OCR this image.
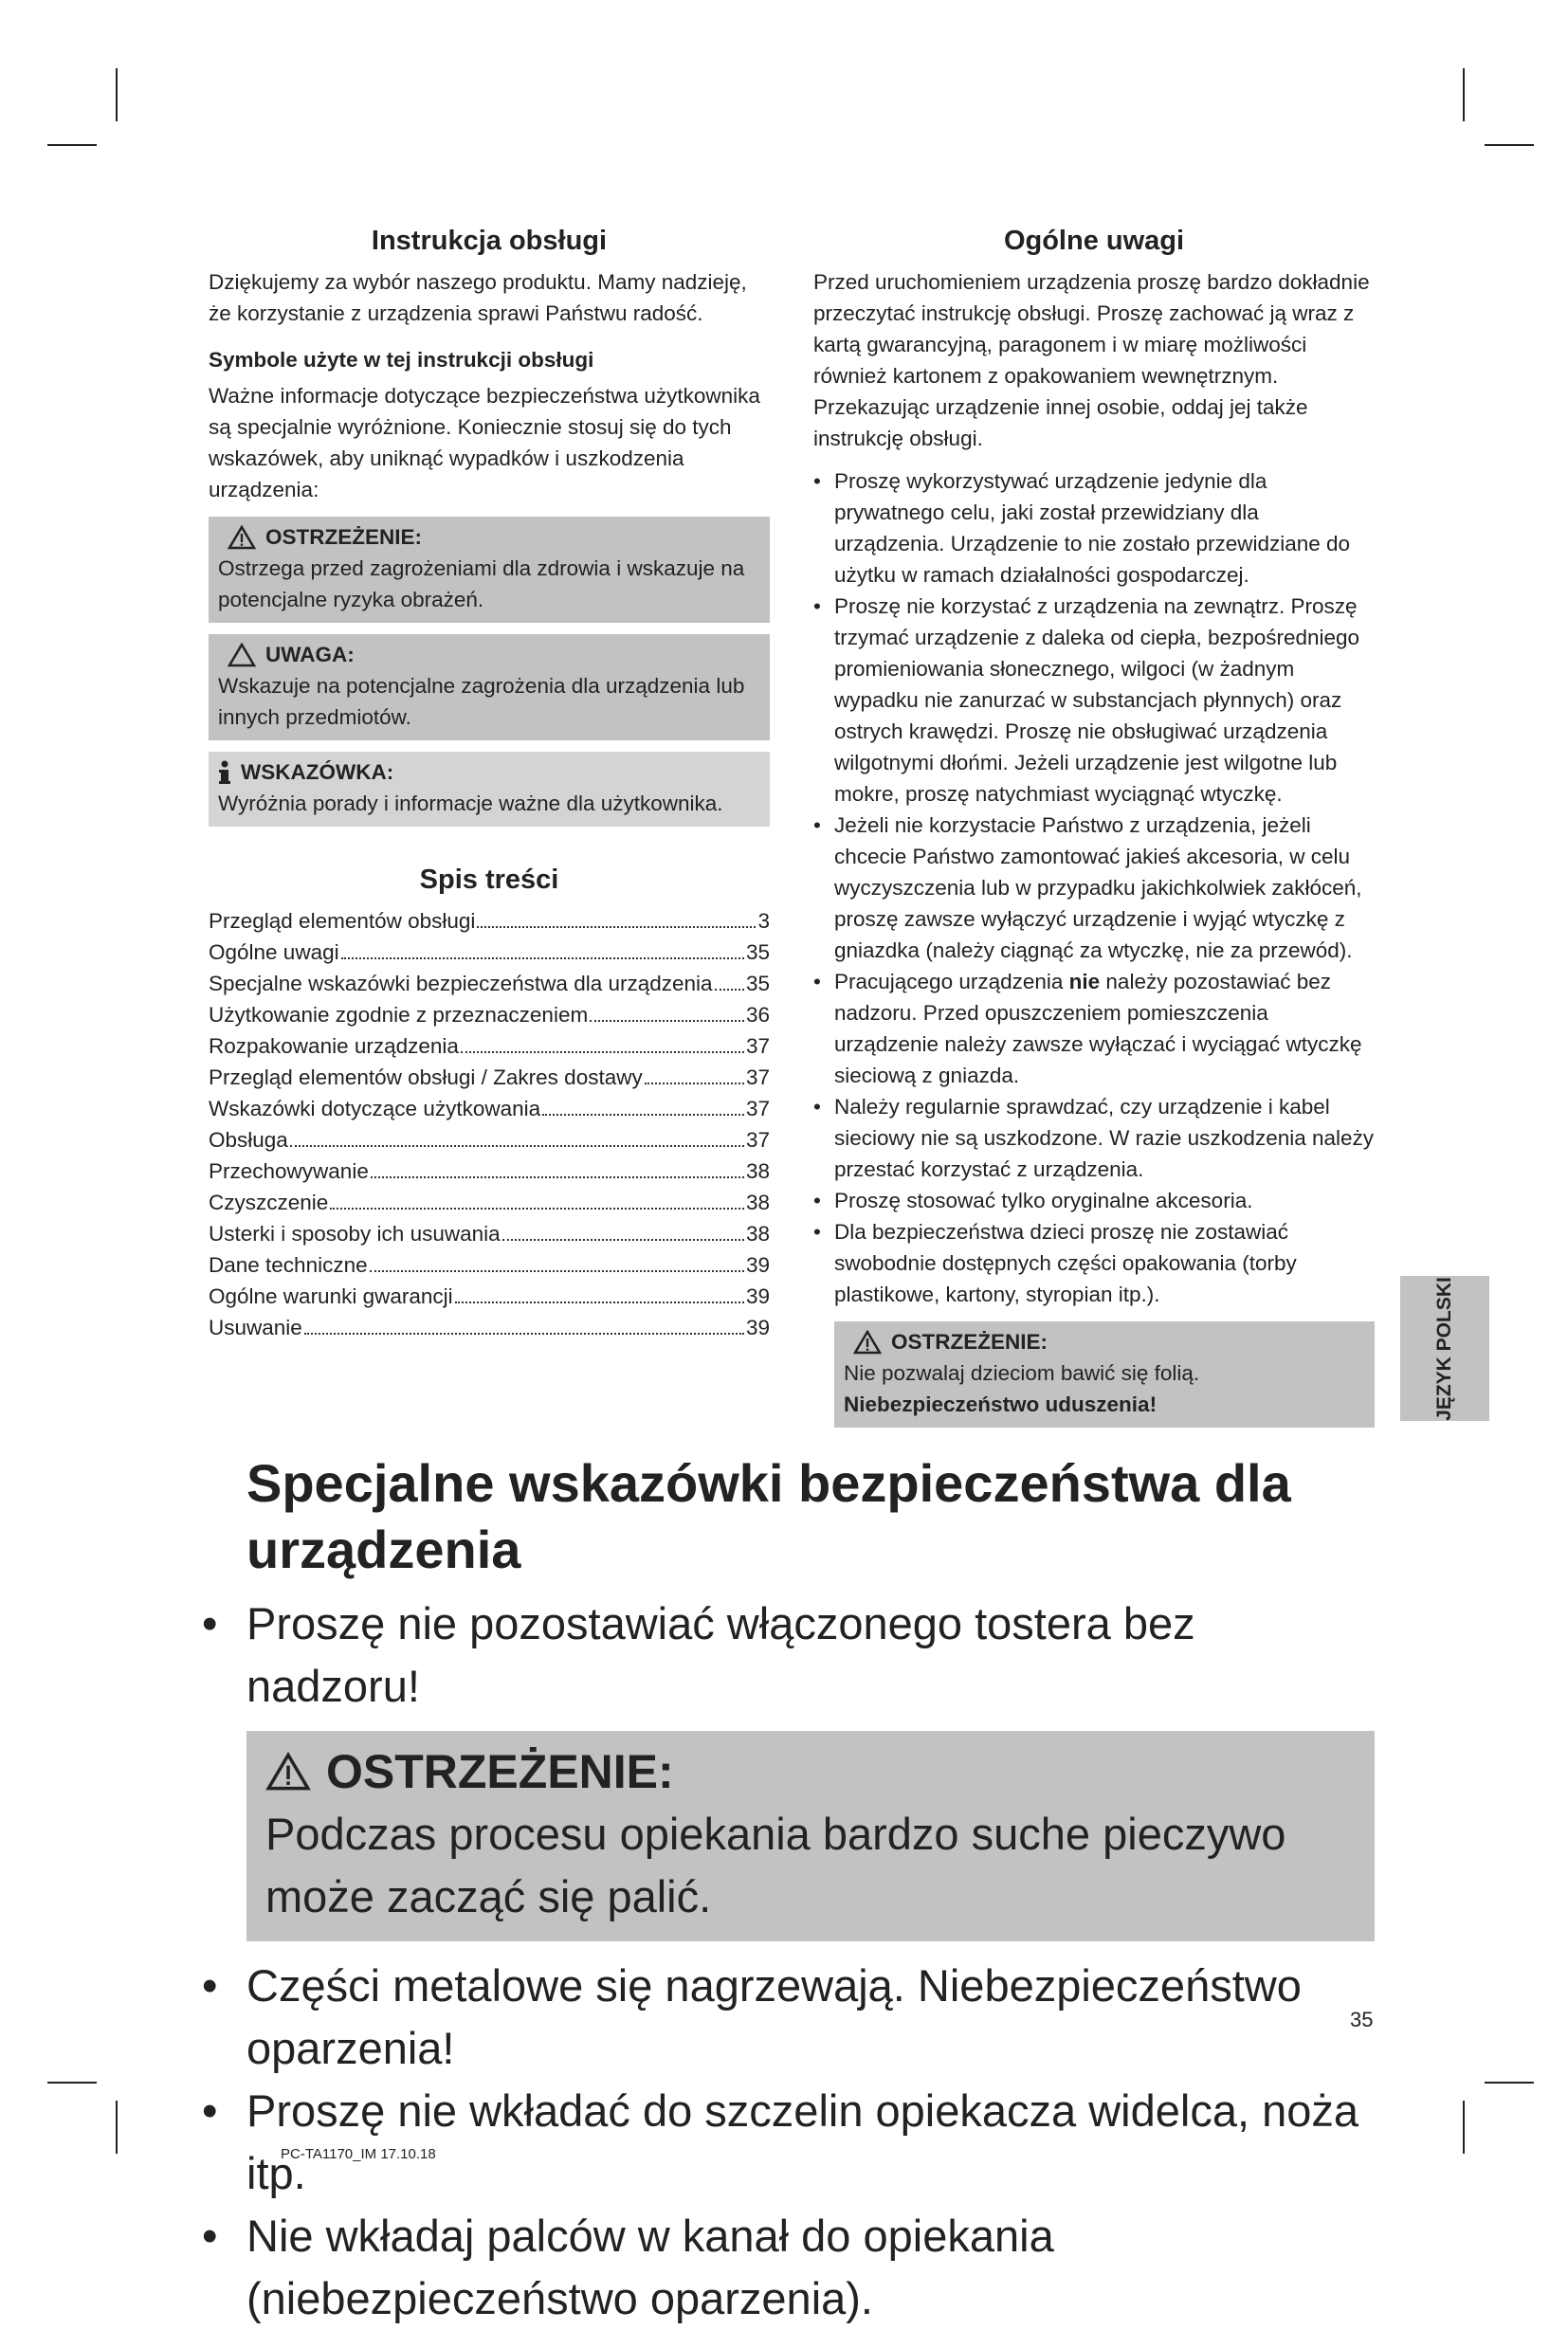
Instrukcja obsługi

Dziękujemy za wybór naszego produktu. Mamy nadzieję, że korzystanie z urządzenia sprawi Państwu radość.

Symbole użyte w tej instrukcji obsługi

Ważne informacje dotyczące bezpieczeństwa użytkownika są specjalnie wyróżnione. Koniecznie stosuj się do tych wskazówek, aby uniknąć wypadków i uszkodzenia urządzenia:

OSTRZEŻENIE:
Ostrzega przed zagrożeniami dla zdrowia i wskazuje na potencjalne ryzyka obrażeń.
UWAGA:
Wskazuje na potencjalne zagrożenia dla urządzenia lub innych przedmiotów.
WSKAZÓWKA:
Wyróżnia porady i informacje ważne dla użytkownika.
Spis treści
Przegląd elementów obsługi	3
Ogólne uwagi	35
Specjalne wskazówki bezpieczeństwa dla urządzenia 35
Użytkowanie zgodnie z przeznaczeniem	36
Rozpakowanie urządzenia	37
Przegląd elementów obsługi / Zakres dostawy	37
Wskazówki dotyczące użytkowania	37
Obsługa	37
Przechowywanie	38
Czyszczenie	38
Usterki i sposoby ich usuwania	38
Dane techniczne	39
Ogólne warunki gwarancji	39
Usuwanie	39
Ogólne uwagi

Przed uruchomieniem urządzenia proszę bardzo dokładnie przeczytać instrukcję obsługi. Proszę zachować ją wraz z kartą gwarancyjną, paragonem i w miarę możliwości również kartonem z opakowaniem wewnętrznym. Przekazując urządzenie innej osobie, oddaj jej także instrukcję obsługi.

• Proszę wykorzystywać urządzenie jedynie dla prywatnego celu, jaki został przewidziany dla urządzenia. Urządzenie to nie zostało przewidziane do użytku w ramach działalności gospodarczej.
• Proszę nie korzystać z urządzenia na zewnątrz. Proszę trzymać urządzenie z daleka od ciepła, bezpośredniego promieniowania słonecznego, wilgoci (w żadnym wypadku nie zanurzać w substancjach płynnych) oraz ostrych krawędzi. Proszę nie obsługiwać urządzenia wilgotnymi dłońmi. Jeżeli urządzenie jest wilgotne lub mokre, proszę natychmiast wyciągnąć wtyczkę.
• Jeżeli nie korzystacie Państwo z urządzenia, jeżeli chcecie Państwo zamontować jakieś akcesoria, w celu wyczyszczenia lub w przypadku jakichkolwiek zakłóceń, proszę zawsze wyłączyć urządzenie i wyjąć wtyczkę z gniazdka (należy ciągnąć za wtyczkę, nie za przewód).
• Pracującego urządzenia nie należy pozostawiać bez nadzoru. Przed opuszczeniem pomieszczenia urządzenie należy zawsze wyłączać i wyciągać wtyczkę sieciową z gniazda.
• Należy regularnie sprawdzać, czy urządzenie i kabel sieciowy nie są uszkodzone. W razie uszkodzenia należy przestać korzystać z urządzenia.
• Proszę stosować tylko oryginalne akcesoria.
• Dla bezpieczeństwa dzieci proszę nie zostawiać swobodnie dostępnych części opakowania (torby plastikowe, kartony, styropian itp.).
OSTRZEŻENIE:
Nie pozwalaj dzieciom bawić się folią. Niebezpieczeństwo uduszenia!	JĘZYK POLSKI
Specjalne wskazówki bezpieczeństwa dla urządzenia
• Proszę nie pozostawiać włączonego tostera bez nadzoru!
OSTRZEŻENIE:
Podczas procesu opiekania bardzo suche pieczywo może zacząć się palić.
• Części metalowe się nagrzewają. Niebezpieczeństwo oparzenia!
• Proszę nie wkładać do szczelin opiekacza widelca, noża itp.
• Nie wkładaj palców w kanał do opiekania (niebezpieczeństwo oparzenia).
35
PC-TA1170_IM 17.10.18
